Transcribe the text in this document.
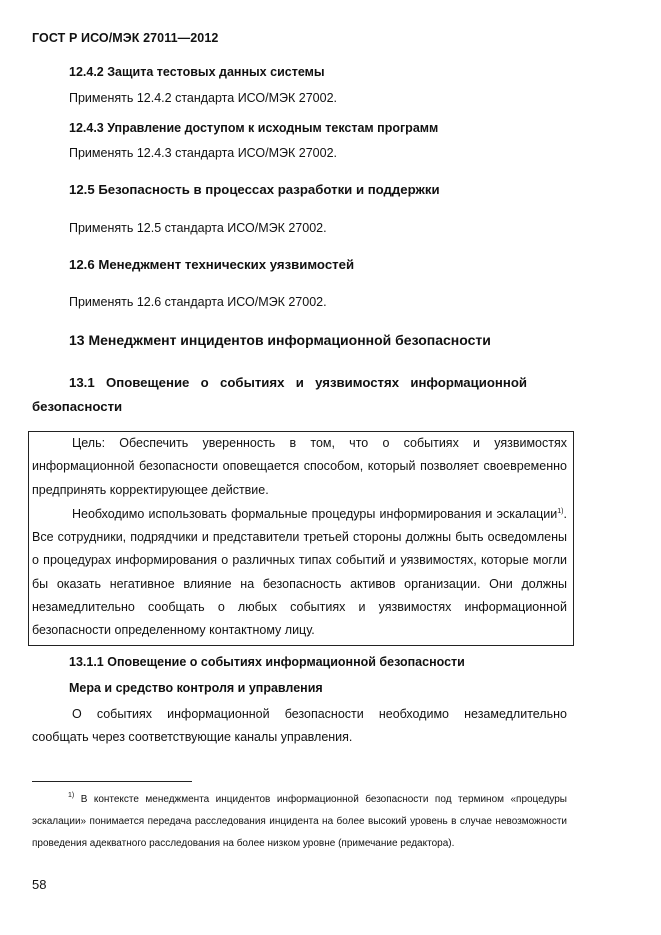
ГОСТ Р ИСО/МЭК 27011—2012
12.4.2 Защита тестовых данных системы
Применять 12.4.2 стандарта ИСО/МЭК 27002.
12.4.3 Управление доступом к исходным текстам программ
Применять 12.4.3 стандарта ИСО/МЭК 27002.
12.5 Безопасность в процессах разработки и поддержки
Применять 12.5 стандарта ИСО/МЭК 27002.
12.6 Менеджмент технических уязвимостей
Применять 12.6 стандарта ИСО/МЭК 27002.
13 Менеджмент инцидентов информационной безопасности

13.1 Оповещение о событиях и уязвимостях информационной безопасности

Цель: Обеспечить уверенность в том, что о событиях и уязвимостях информационной безопасности оповещается способом, который позволяет своевременно предпринять корректирующее действие.

Необходимо использовать формальные процедуры информирования и эскалации$^{1)}$. Все сотрудники, подрядчики и представители третьей стороны должны быть осведомлены о процедурах информирования о различных типах событий и уязвимостях, которые могли бы оказать негативное влияние на безопасность активов организации. Они должны незамедлительно сообщать о любых событиях и уязвимостях информационной безопасности определенному контактному лицу.

13.1.1 Оповещение о событиях информационной безопасности
Мера и средство контроля и управления

О событиях информационной безопасности необходимо незамедлительно сообщать через соответствующие каналы управления.

$^{1)}$ В контексте менеджмента инцидентов информационной безопасности под термином «процедуры эскалации» понимается передача расследования инцидента на более высокий уровень в случае невозможности проведения адекватного расследования на более низком уровне (примечание редактора).

58
